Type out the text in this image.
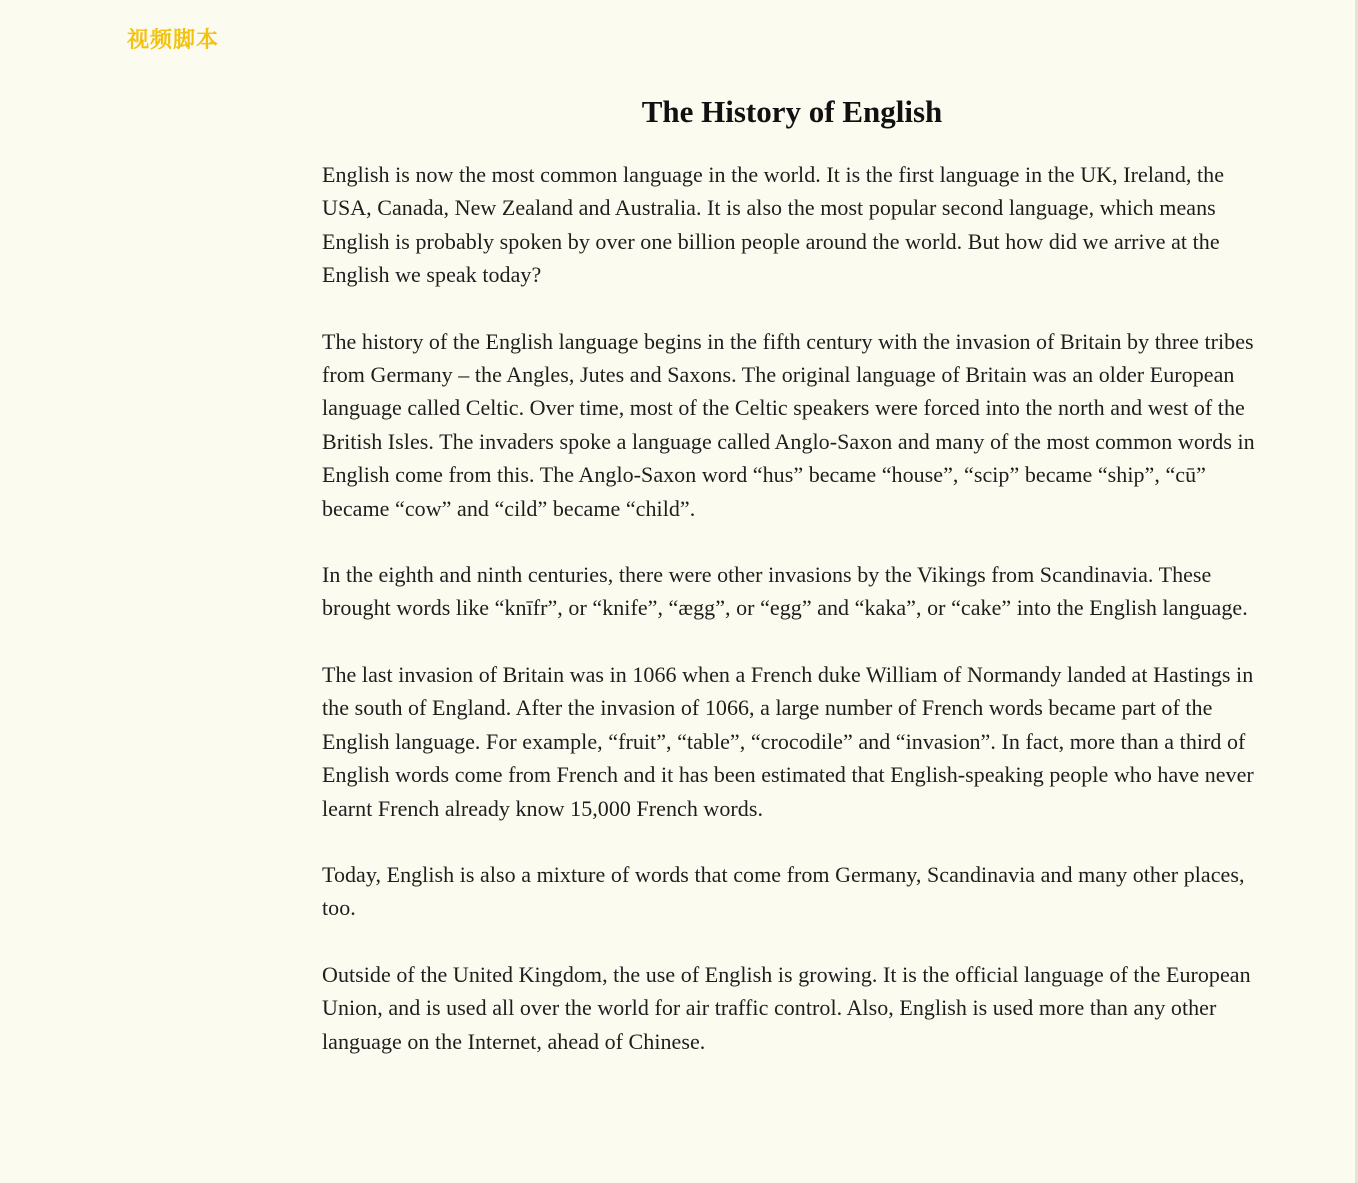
视频脚本
The History of English

English is now the most common language in the world. It is the first language in the UK, Ireland, the USA, Canada, New Zealand and Australia. It is also the most popular second language, which means English is probably spoken by over one billion people around the world. But how did we arrive at the English we speak today?

The history of the English language begins in the fifth century with the invasion of Britain by three tribes from Germany – the Angles, Jutes and Saxons. The original language of Britain was an older European language called Celtic. Over time, most of the Celtic speakers were forced into the north and west of the British Isles. The invaders spoke a language called Anglo-Saxon and many of the most common words in English come from this. The Anglo-Saxon word “hus” became “house”, “scip” became “ship”, “cū” became “cow” and “cild” became “child”.

In the eighth and ninth centuries, there were other invasions by the Vikings from Scandinavia. These brought words like “knīfr”, or “knife”, “ægg”, or “egg” and “kaka”, or “cake” into the English language.

The last invasion of Britain was in 1066 when a French duke William of Normandy landed at Hastings in the south of England. After the invasion of 1066, a large number of French words became part of the English language. For example, “fruit”, “table”, “crocodile” and “invasion”. In fact, more than a third of English words come from French and it has been estimated that English-speaking people who have never learnt French already know 15,000 French words.

Today, English is also a mixture of words that come from Germany, Scandinavia and many other places, too.

Outside of the United Kingdom, the use of English is growing. It is the official language of the European Union, and is used all over the world for air traffic control. Also, English is used more than any other language on the Internet, ahead of Chinese.
